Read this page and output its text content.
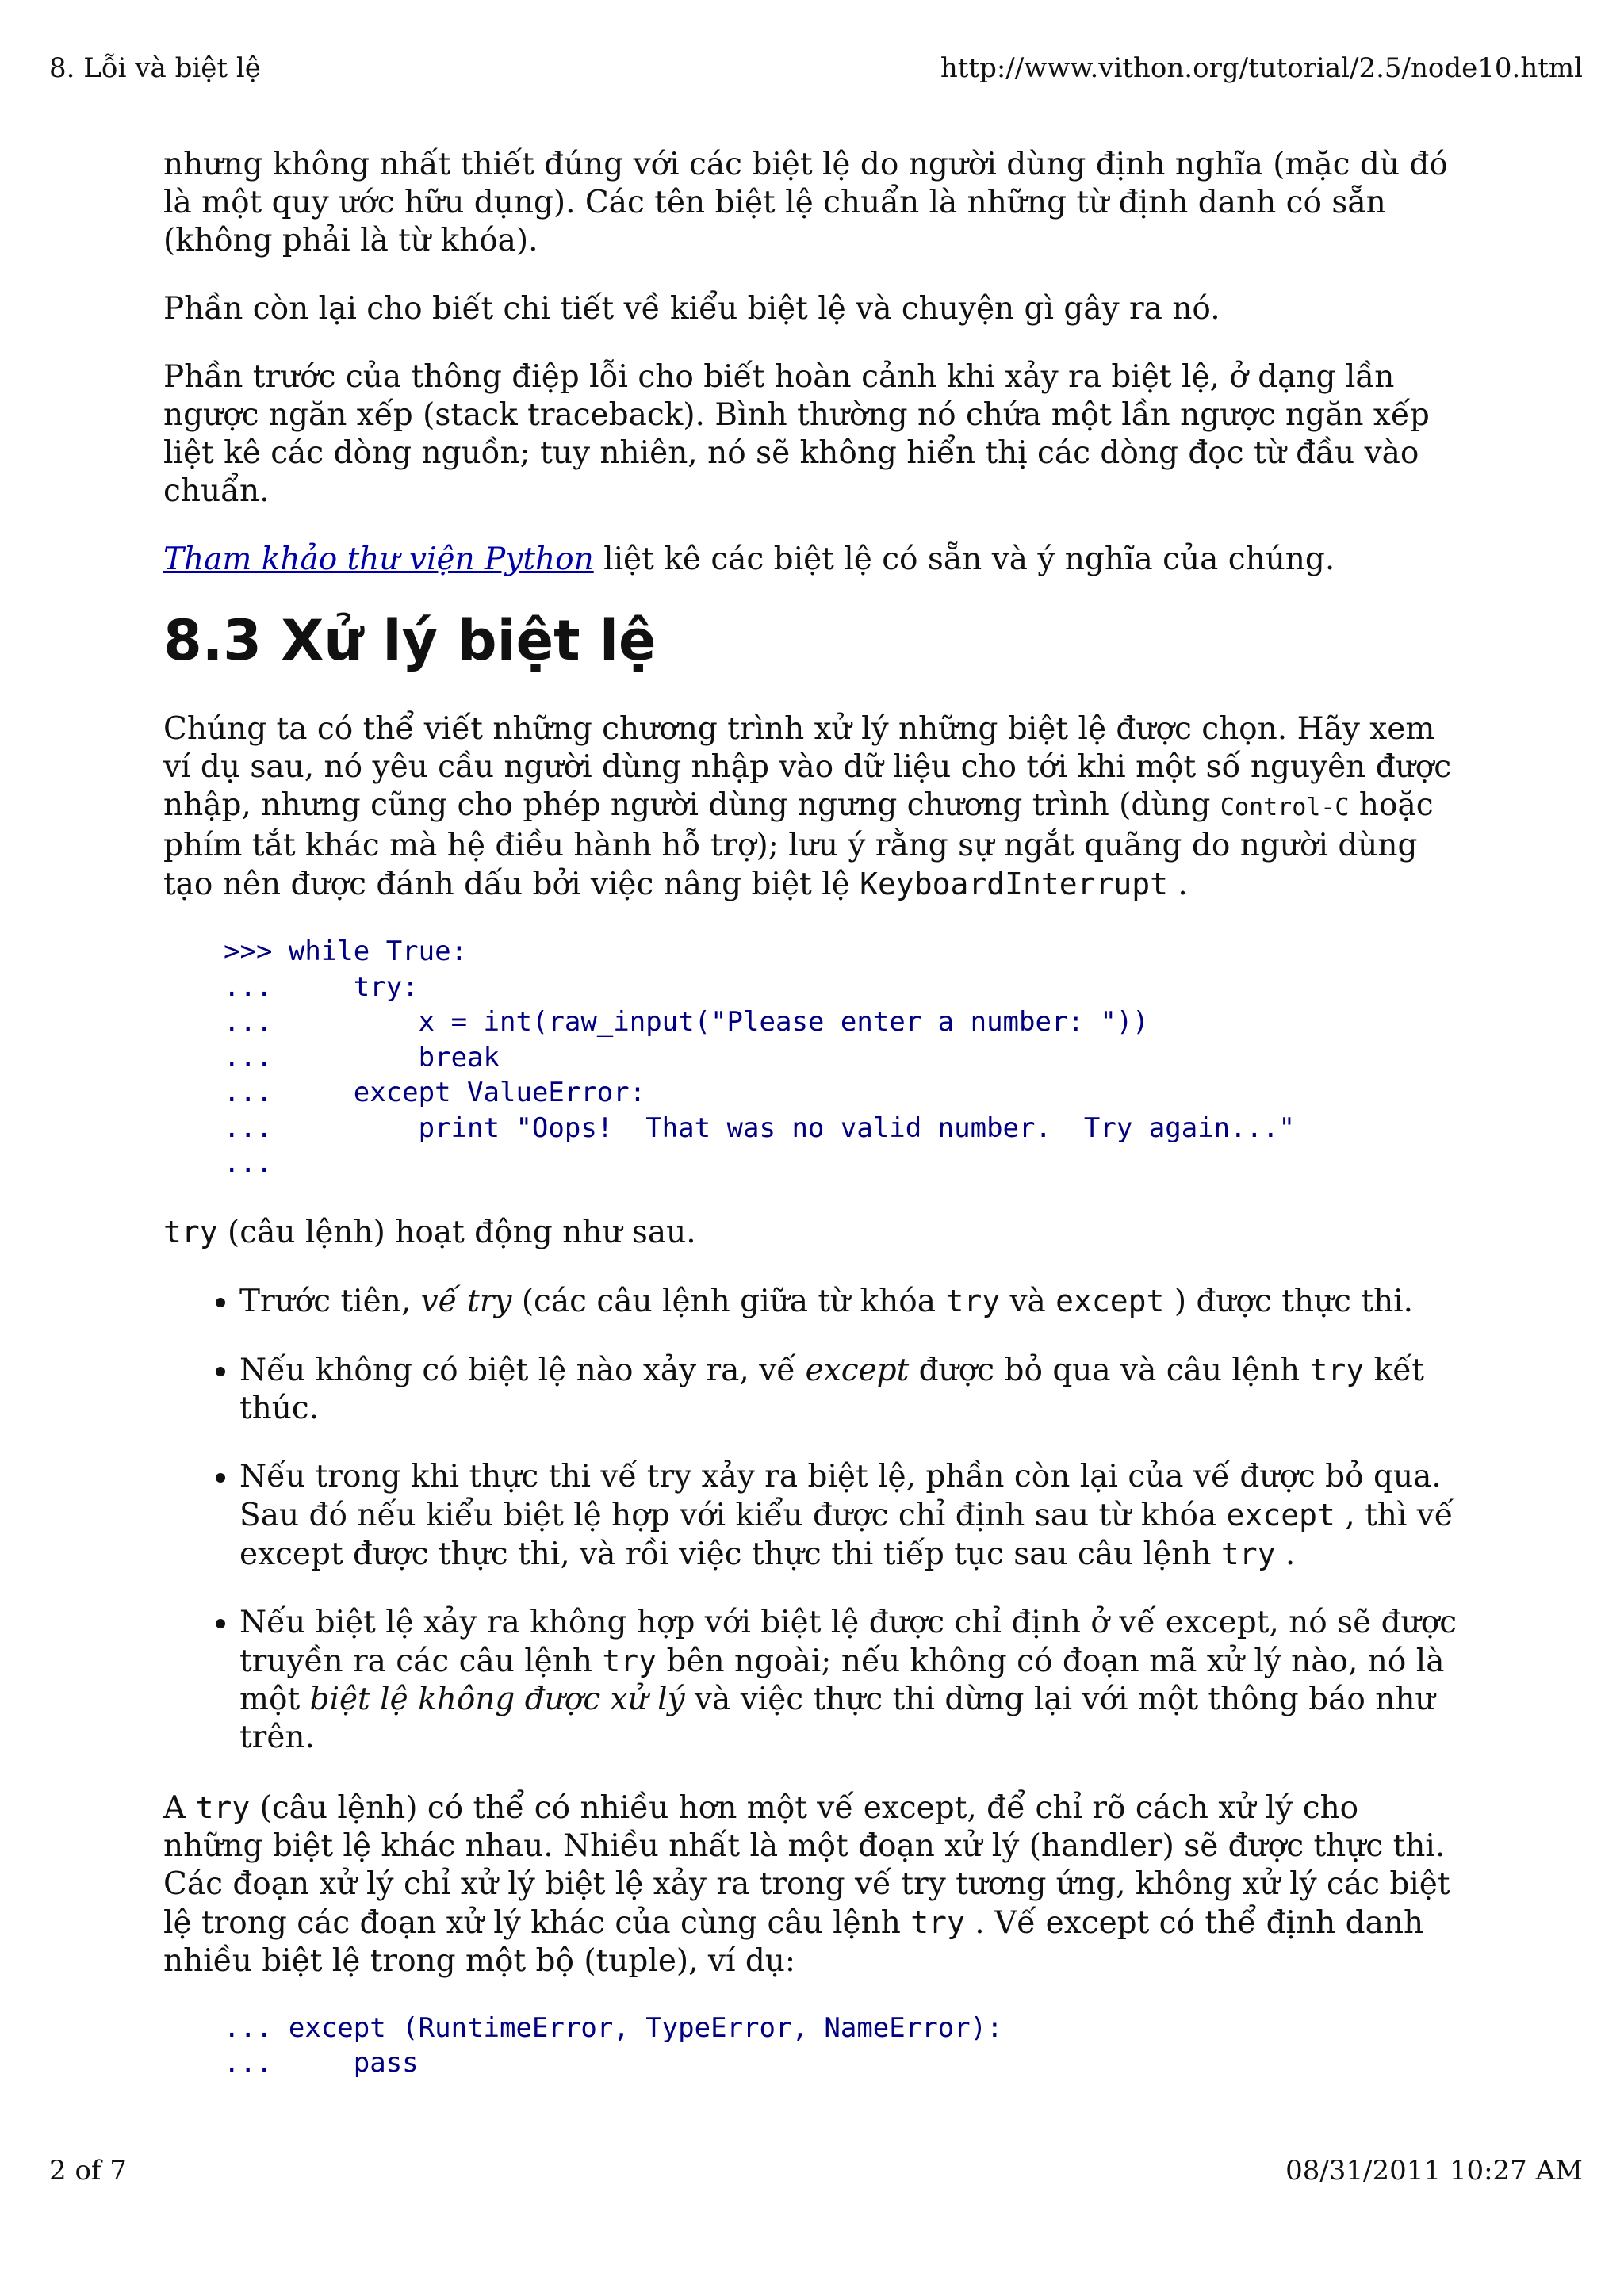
8. Lỗi và biệt lệ	http://www.vithon.org/tutorial/2.5/node10.html

nhưng không nhất thiết đúng với các biệt lệ do người dùng định nghĩa (mặc dù đó là một quy ước hữu dụng). Các tên biệt lệ chuẩn là những từ định danh có sẵn (không phải là từ khóa).

Phần còn lại cho biết chi tiết về kiểu biệt lệ và chuyện gì gây ra nó.

Phần trước của thông điệp lỗi cho biết hoàn cảnh khi xảy ra biệt lệ, ở dạng lần ngược ngăn xếp (stack traceback). Bình thường nó chứa một lần ngược ngăn xếp liệt kê các dòng nguồn; tuy nhiên, nó sẽ không hiển thị các dòng đọc từ đầu vào chuẩn.

Tham khảo thư viện Python liệt kê các biệt lệ có sẵn và ý nghĩa của chúng.

8.3 Xử lý biệt lệ

Chúng ta có thể viết những chương trình xử lý những biệt lệ được chọn. Hãy xem ví dụ sau, nó yêu cầu người dùng nhập vào dữ liệu cho tới khi một số nguyên được nhập, nhưng cũng cho phép người dùng ngưng chương trình (dùng Control-C hoặc phím tắt khác mà hệ điều hành hỗ trợ); lưu ý rằng sự ngắt quãng do người dùng tạo nên được đánh dấu bởi việc nâng biệt lệ KeyboardInterrupt .

>>> while True:
...     try:
...         x = int(raw_input("Please enter a number: "))
...         break
...     except ValueError:
...         print "Oops!  That was no valid number.  Try again..."
...

try (câu lệnh) hoạt động như sau.

• Trước tiên, vế try (các câu lệnh giữa từ khóa try và except ) được thực thi.
• Nếu không có biệt lệ nào xảy ra, vế except được bỏ qua và câu lệnh try kết thúc.
• Nếu trong khi thực thi vế try xảy ra biệt lệ, phần còn lại của vế được bỏ qua. Sau đó nếu kiểu biệt lệ hợp với kiểu được chỉ định sau từ khóa except , thì vế except được thực thi, và rồi việc thực thi tiếp tục sau câu lệnh try .
• Nếu biệt lệ xảy ra không hợp với biệt lệ được chỉ định ở vế except, nó sẽ được truyền ra các câu lệnh try bên ngoài; nếu không có đoạn mã xử lý nào, nó là một biệt lệ không được xử lý và việc thực thi dừng lại với một thông báo như trên.

A try (câu lệnh) có thể có nhiều hơn một vế except, để chỉ rõ cách xử lý cho những biệt lệ khác nhau. Nhiều nhất là một đoạn xử lý (handler) sẽ được thực thi. Các đoạn xử lý chỉ xử lý biệt lệ xảy ra trong vế try tương ứng, không xử lý các biệt lệ trong các đoạn xử lý khác của cùng câu lệnh try . Vế except có thể định danh nhiều biệt lệ trong một bộ (tuple), ví dụ:

... except (RuntimeError, TypeError, NameError):
...     pass
2 of 7	08/31/2011 10:27 AM
